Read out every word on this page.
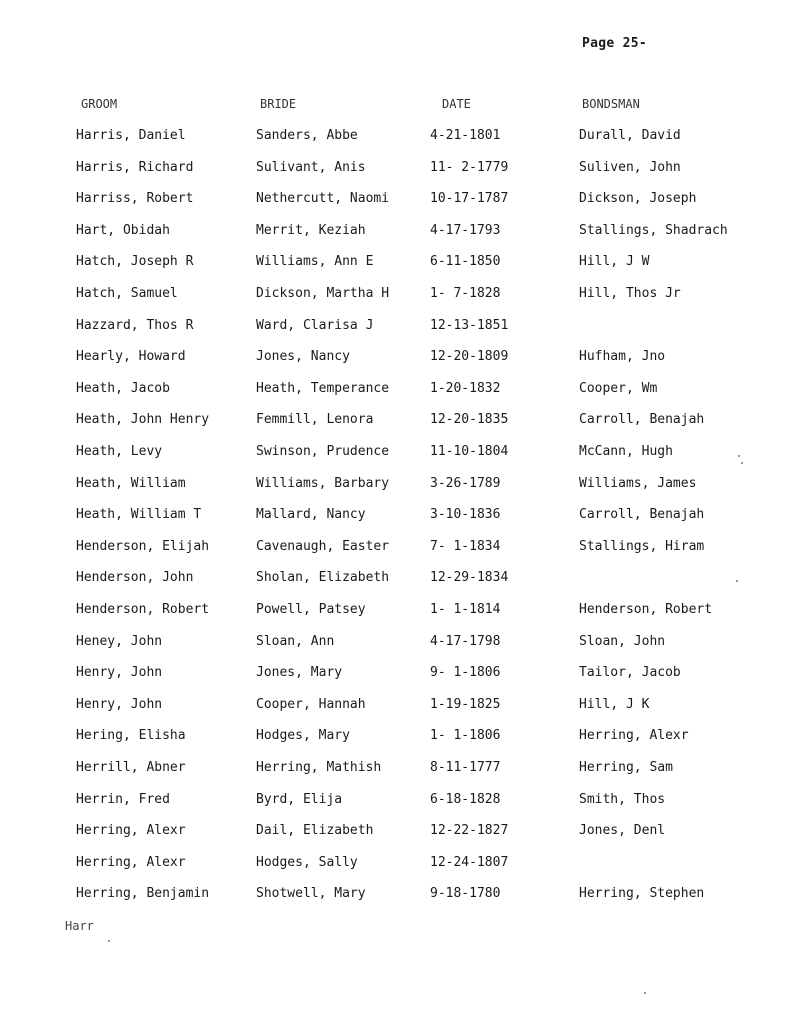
Page 25-
GROOM	BRIDE	DATE	BONDSMAN
Harris, Daniel	Sanders, Abbe	4-21-1801	Durall, David
Harris, Richard	Sulivant, Anis	11- 2-1779	Suliven, John
Harriss, Robert	Nethercutt, Naomi	10-17-1787	Dickson, Joseph
Hart, Obidah	Merrit, Keziah	4-17-1793	Stallings, Shadrach
Hatch, Joseph R	Williams, Ann E	6-11-1850	Hill, J W
Hatch, Samuel	Dickson, Martha H	1- 7-1828	Hill, Thos Jr
Hazzard, Thos R	Ward, Clarisa J	12-13-1851
Hearly, Howard	Jones, Nancy	12-20-1809	Hufham, Jno
Heath, Jacob	Heath, Temperance	1-20-1832	Cooper, Wm
Heath, John Henry	Femmill, Lenora	12-20-1835	Carroll, Benajah
Heath, Levy	Swinson, Prudence	11-10-1804	McCann, Hugh
Heath, William	Williams, Barbary	3-26-1789	Williams, James
Heath, William T	Mallard, Nancy	3-10-1836	Carroll, Benajah
Henderson, Elijah	Cavenaugh, Easter	7- 1-1834	Stallings, Hiram
Henderson, John	Sholan, Elizabeth	12-29-1834
Henderson, Robert	Powell, Patsey	1- 1-1814	Henderson, Robert
Heney, John	Sloan, Ann	4-17-1798	Sloan, John
Henry, John	Jones, Mary	9- 1-1806	Tailor, Jacob
Henry, John	Cooper, Hannah	1-19-1825	Hill, J K
Hering, Elisha	Hodges, Mary	1- 1-1806	Herring, Alexr
Herrill, Abner	Herring, Mathish	8-11-1777	Herring, Sam
Herrin, Fred	Byrd, Elija	6-18-1828	Smith, Thos
Herring, Alexr	Dail, Elizabeth	12-22-1827	Jones, Denl
Herring, Alexr	Hodges, Sally	12-24-1807
Herring, Benjamin	Shotwell, Mary	9-18-1780	Herring, Stephen
Harr
